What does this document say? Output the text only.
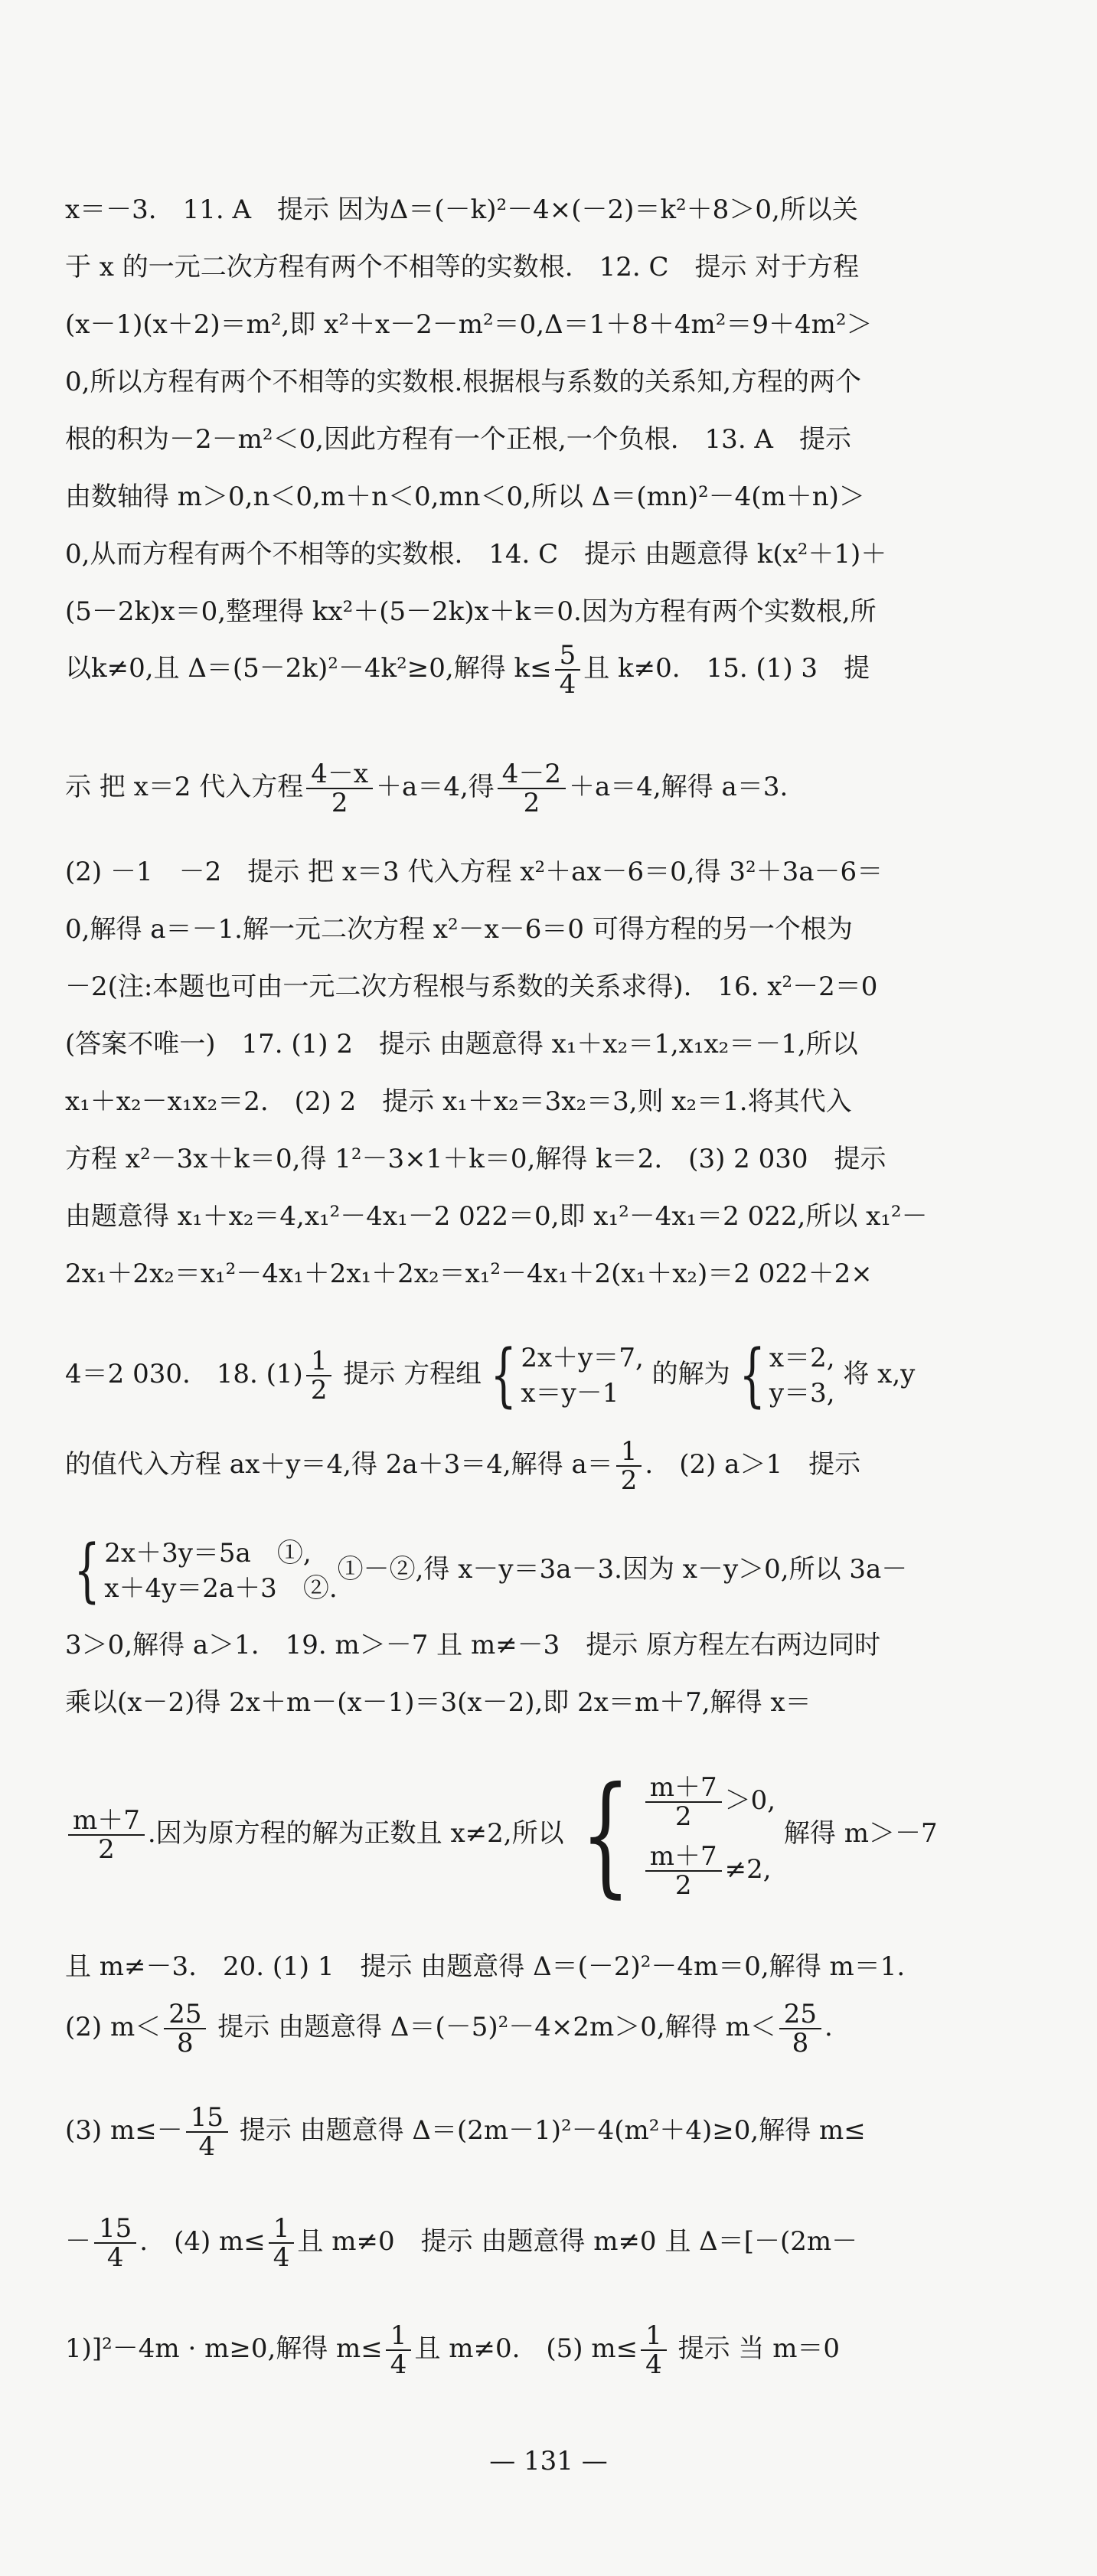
x＝－3.　11. A　提示 因为Δ＝(－k)²－4×(－2)＝k²＋8＞0,所以关
于 x 的一元二次方程有两个不相等的实数根.　12. C　提示 对于方程
(x－1)(x＋2)＝m²,即 x²＋x－2－m²＝0,Δ＝1＋8＋4m²＝9＋4m²＞
0,所以方程有两个不相等的实数根.根据根与系数的关系知,方程的两个
根的积为－2－m²＜0,因此方程有一个正根,一个负根.　13. A　提示
由数轴得 m＞0,n＜0,m＋n＜0,mn＜0,所以 Δ＝(mn)²－4(m＋n)＞
0,从而方程有两个不相等的实数根.　14. C　提示 由题意得 k(x²＋1)＋
(5－2k)x＝0,整理得 kx²＋(5－2k)x＋k＝0.因为方程有两个实数根,所
以k≠0,且 Δ＝(5－2k)²－4k²≥0,解得 $k\le \frac{5}{4}$ 且 k≠0.　15. (1) 3　提
示 把 x＝2 代入方程 $\frac{4-x}{2} +a=4$,得 $\frac{4-2}{2} +a=4$,解得 a＝3.
(2) －1　－2　提示 把 x＝3 代入方程 x²＋ax－6＝0,得 3²＋3a－6＝
0,解得 a＝－1.解一元二次方程 x²－x－6＝0 可得方程的另一个根为
－2(注:本题也可由一元二次方程根与系数的关系求得).　16. x²－2＝0
(答案不唯一)　17. (1) 2　提示 由题意得 x₁＋x₂＝1,x₁x₂＝－1,所以
x₁＋x₂－x₁x₂＝2.　(2) 2　提示 x₁＋x₂＝3x₂＝3,则 x₂＝1.将其代入
方程 x²－3x＋k＝0,得 1²－3×1＋k＝0,解得 k＝2.　(3) 2 030　提示
由题意得 x₁＋x₂＝4,x₁²－4x₁－2 022＝0,即 x₁²－4x₁＝2 022,所以 x₁²－
2x₁＋2x₂＝x₁²－4x₁＋2x₁＋2x₂＝x₁²－4x₁＋2(x₁＋x₂)＝2 022＋2×
4＝2 030.　18. $(1) \frac{1}{2}$ 提示 方程组 { 2x＋y＝7,
x＝y－1
的解为 { x＝2,
y＝3,
将 x,y
的值代入方程 ax＋y＝4,得 2a＋3＝4,解得 $a= \frac{1}{2}$ .　(2) a＞1　提示
{ 2x＋3y＝5a　①,
x＋4y＝2a＋3　②.
①－②,得 x－y＝3a－3.因为 x－y＞0,所以 3a－
3＞0,解得 a＞1.　19. m＞－7 且 m≠－3　提示 原方程左右两边同时
乘以(x－2)得 2x＋m－(x－1)＝3(x－2),即 2x＝m＋7,解得 x＝
$\frac{m+7}{2}$ .因为原方程的解为正数且 x≠2,所以 { $\frac{m+7}{2} >0$,
$\frac{m+7}{2} \ne 2$,
解得 m＞－7
且 m≠－3.　20. (1) 1　提示 由题意得 Δ＝(－2)²－4m＝0,解得 m＝1.
(2) $m< \frac{25}{8}$ 提示 由题意得 Δ＝(－5)²－4×2m＞0,解得 $m< \frac{25}{8}$ .
(3) $m\le- \frac{15}{4}$ 提示 由题意得 Δ＝(2m－1)²－4(m²＋4)≥0,解得 m≤
－ $\frac{15}{4}$ .　(4) $m\le \frac{1}{4}$ 且 m≠0　提示 由题意得 m≠0 且 Δ＝[－(2m－
1)]²－4m · m≥0,解得 $m\le \frac{1}{4}$ 且 m≠0.　(5) $m\le \frac{1}{4}$ 提示 当 m＝0
— 131 —
